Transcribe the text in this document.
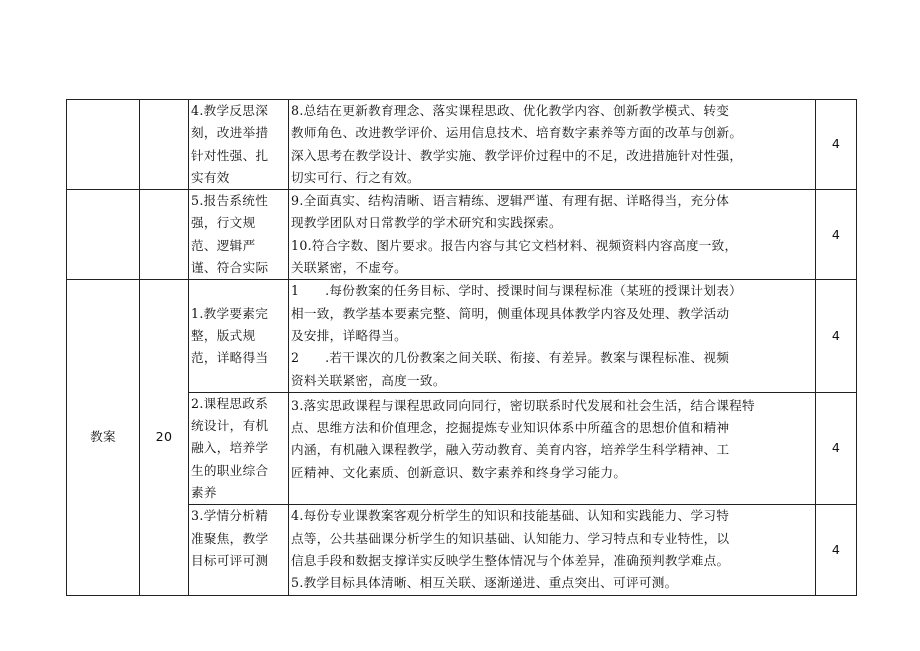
		4.教学反思深
刻，改进举措
针对性强、扎
实有效	8.总结在更新教育理念、落实课程思政、优化教学内容、创新教学模式、转变
教师角色、改进教学评价、运用信息技术、培育数字素养等方面的改革与创新。
深入思考在教学设计、教学实施、教学评价过程中的不足，改进措施针对性强，
切实可行、行之有效。	4

		5.报告系统性
强，行文规
范、逻辑严
谨、符合实际	9.全面真实、结构清晰、语言精练、逻辑严谨、有理有据、详略得当，充分体
现教学团队对日常教学的学术研究和实践探索。
10.符合字数、图片要求。报告内容与其它文档材料、视频资料内容高度一致，
关联紧密，不虚夸。	4
教案	20	1.教学要素完
整，版式规
范，详略得当	1　　.每份教案的任务目标、学时、授课时间与课程标准（某班的授课计划表）
相一致，教学基本要素完整、简明，侧重体现具体教学内容及处理、教学活动
及安排，详略得当。
2　　.若干课次的几份教案之间关联、衔接、有差异。教案与课程标准、视频
资料关联紧密，高度一致。	4

		2.课程思政系
统设计，有机
融入，培养学
生的职业综合
素养	3.落实思政课程与课程思政同向同行，密切联系时代发展和社会生活，结合课程特
点、思维方法和价值理念，挖掘提炼专业知识体系中所蕴含的思想价值和精神
内涵，有机融入课程教学，融入劳动教育、美育内容，培养学生科学精神、工
匠精神、文化素质、创新意识、数字素养和终身学习能力。	4

		3.学情分析精
准聚焦，教学
目标可评可测	4.每份专业课教案客观分析学生的知识和技能基础、认知和实践能力、学习特
点等，公共基础课分析学生的知识基础、认知能力、学习特点和专业特性，以
信息手段和数据支撑详实反映学生整体情况与个体差异，准确预判教学难点。
5.教学目标具体清晰、相互关联、逐渐递进、重点突出、可评可测。	4
